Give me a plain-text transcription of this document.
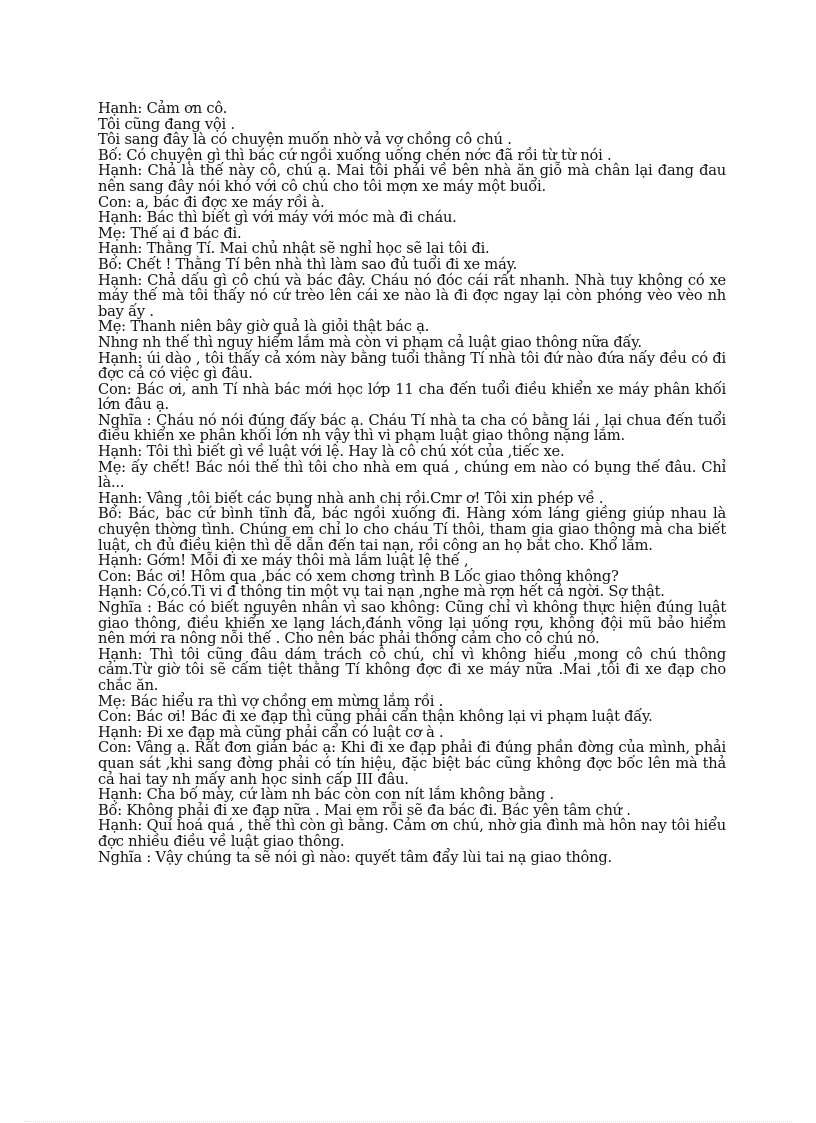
Hạnh: Cảm ơn cô.

Tôi cũng đang vội .

Tôi sang đây là có chuyện muốn nhờ vả vợ chồng cô chú .

Bố: Có chuyện gì thì bác cứ ngồi xuống uống chén nớc đã rồi từ từ nói .

Hạnh: Chả là thế này cô, chú ạ. Mai tôi phải về bên nhà ăn giỗ mà chân lại đang đau nên sang đây nói khó với cô chú cho tôi mợn xe máy một buổi.

Con: a, bác đi đợc xe máy rồi à.

Hạnh: Bác thì biết gì với máy với móc mà đi cháu.

Mẹ: Thế ai đ bác đi.

Hạnh: Thằng Tí. Mai chủ nhật sẽ nghỉ học sẽ lai tôi đi.

Bố: Chết ! Thằng Tí bên nhà thì làm sao đủ tuổi đi xe máy.

Hạnh: Chả dấu gì cô chú và bác đây. Cháu nó đóc cái rất nhanh. Nhà tuy không có xe máy thế mà tôi thấy nó cứ trèo lên cái xe nào là đi đợc ngay lại còn phóng vèo vèo nh bay ấy .

Mẹ: Thanh niên bây giờ quả là giỏi thật bác ạ.

Nhng nh thế thì nguy hiểm lắm mà còn vi phạm cả luật giao thông nữa đấy.

Hạnh: úi dào , tôi thấy cả xóm này bằng tuổi thằng Tí nhà tôi đứ nào đứa nấy đều có đi đợc cả có việc gì đâu.

Con: Bác ơi, anh Tí nhà bác mới học lớp 11 cha đến tuổi điều khiển xe máy phân khối lớn đâu ạ.

Nghĩa : Cháu nó nói đúng đấy bác ạ. Cháu Tí nhà ta cha có bằng lái , lại chua đến tuổi điều khiển xe phân khối lớn nh vậy thì vi phạm luật giao thông nặng lắm.

Hạnh: Tôi thì biết gì về luật với lệ. Hay là cô chú xót của ,tiếc xe.

Mẹ: ấy chết! Bác nói thế thì tôi cho nhà em quá , chúng em nào có bụng thế đâu. Chỉ là...

Hạnh: Vâng ,tôi biết các bụng nhà anh chị rồi.Cmr ơ! Tôi xin phép về .

Bố: Bác, bác cứ bình tĩnh đã, bác ngồi xuống đi. Hàng xóm láng giềng giúp nhau là chuyện thờng tình. Chúng em chỉ lo cho cháu Tí thôi, tham gia giao thông mà cha biết luật, ch đủ điều kiện thì dễ dẫn đến tai nạn, rồi công an họ bắt cho. Khổ lắm.

Hạnh: Gớm! Mỗi đi xe máy thôi mà lắm luật lệ thế ,

Con: Bác ơi! Hôm qua ,bác có xem chơng trình B Lốc giao thông không?

Hạnh: Có,có.Ti vi đ thông tin một vụ tai nạn ,nghe mà rợn hết cả ngời. Sợ thật.

Nghĩa : Bác có biết nguyên nhân vì sao không: Cũng chỉ vì không thực hiện đúng luật giao thông, điều khiển xe lạng lách,đánh võng lại uống rợu, không đội mũ bảo hiểm nên mới ra nông nỗi thế . Cho nên bác phải thông cảm cho cô chú nó.

Hạnh: Thì tôi cũng đâu dám trách cô chú, chỉ vì không hiểu ,mong cô chú thông cảm.Từ giờ tôi sẽ cấm tiệt thằng Tí không đợc đi xe máy nữa .Mai ,tôi đi xe đạp cho chắc ăn.

Mẹ: Bác hiểu ra thì vợ chồng em mừng lắm rồi .

Con: Bác ơi! Bác đi xe đạp thì cũng phải cẩn thận không lại vi phạm luật đấy.

Hạnh: Đi xe đạp mà cũng phải cẩn có luật cơ à .

Con: Vâng ạ. Rất đơn giản bác ạ: Khi đi xe đạp phải đi đúng phần đờng của mình, phải quan sát ,khi sang đờng phải có tín hiệu, đặc biệt bác cũng không đợc bốc lên mà thả cả hai tay nh mấy anh học sinh cấp III đâu.

Hạnh: Cha bố mày, cứ làm nh bác còn con nít lắm không bằng .

Bố: Không phải đi xe đạp nữa . Mai em rỗi sẽ đa bác đi. Bác yên tâm chứ .

Hạnh: Quí hoá quá , thế thì còn gì bằng. Cảm ơn chú, nhờ gia đình mà hôn nay tôi hiểu đợc nhiều điều về luật giao thông.

Nghĩa : Vậy chúng ta sẽ nói gì nào: quyết tâm đẩy lùi tai nạ giao thông.
